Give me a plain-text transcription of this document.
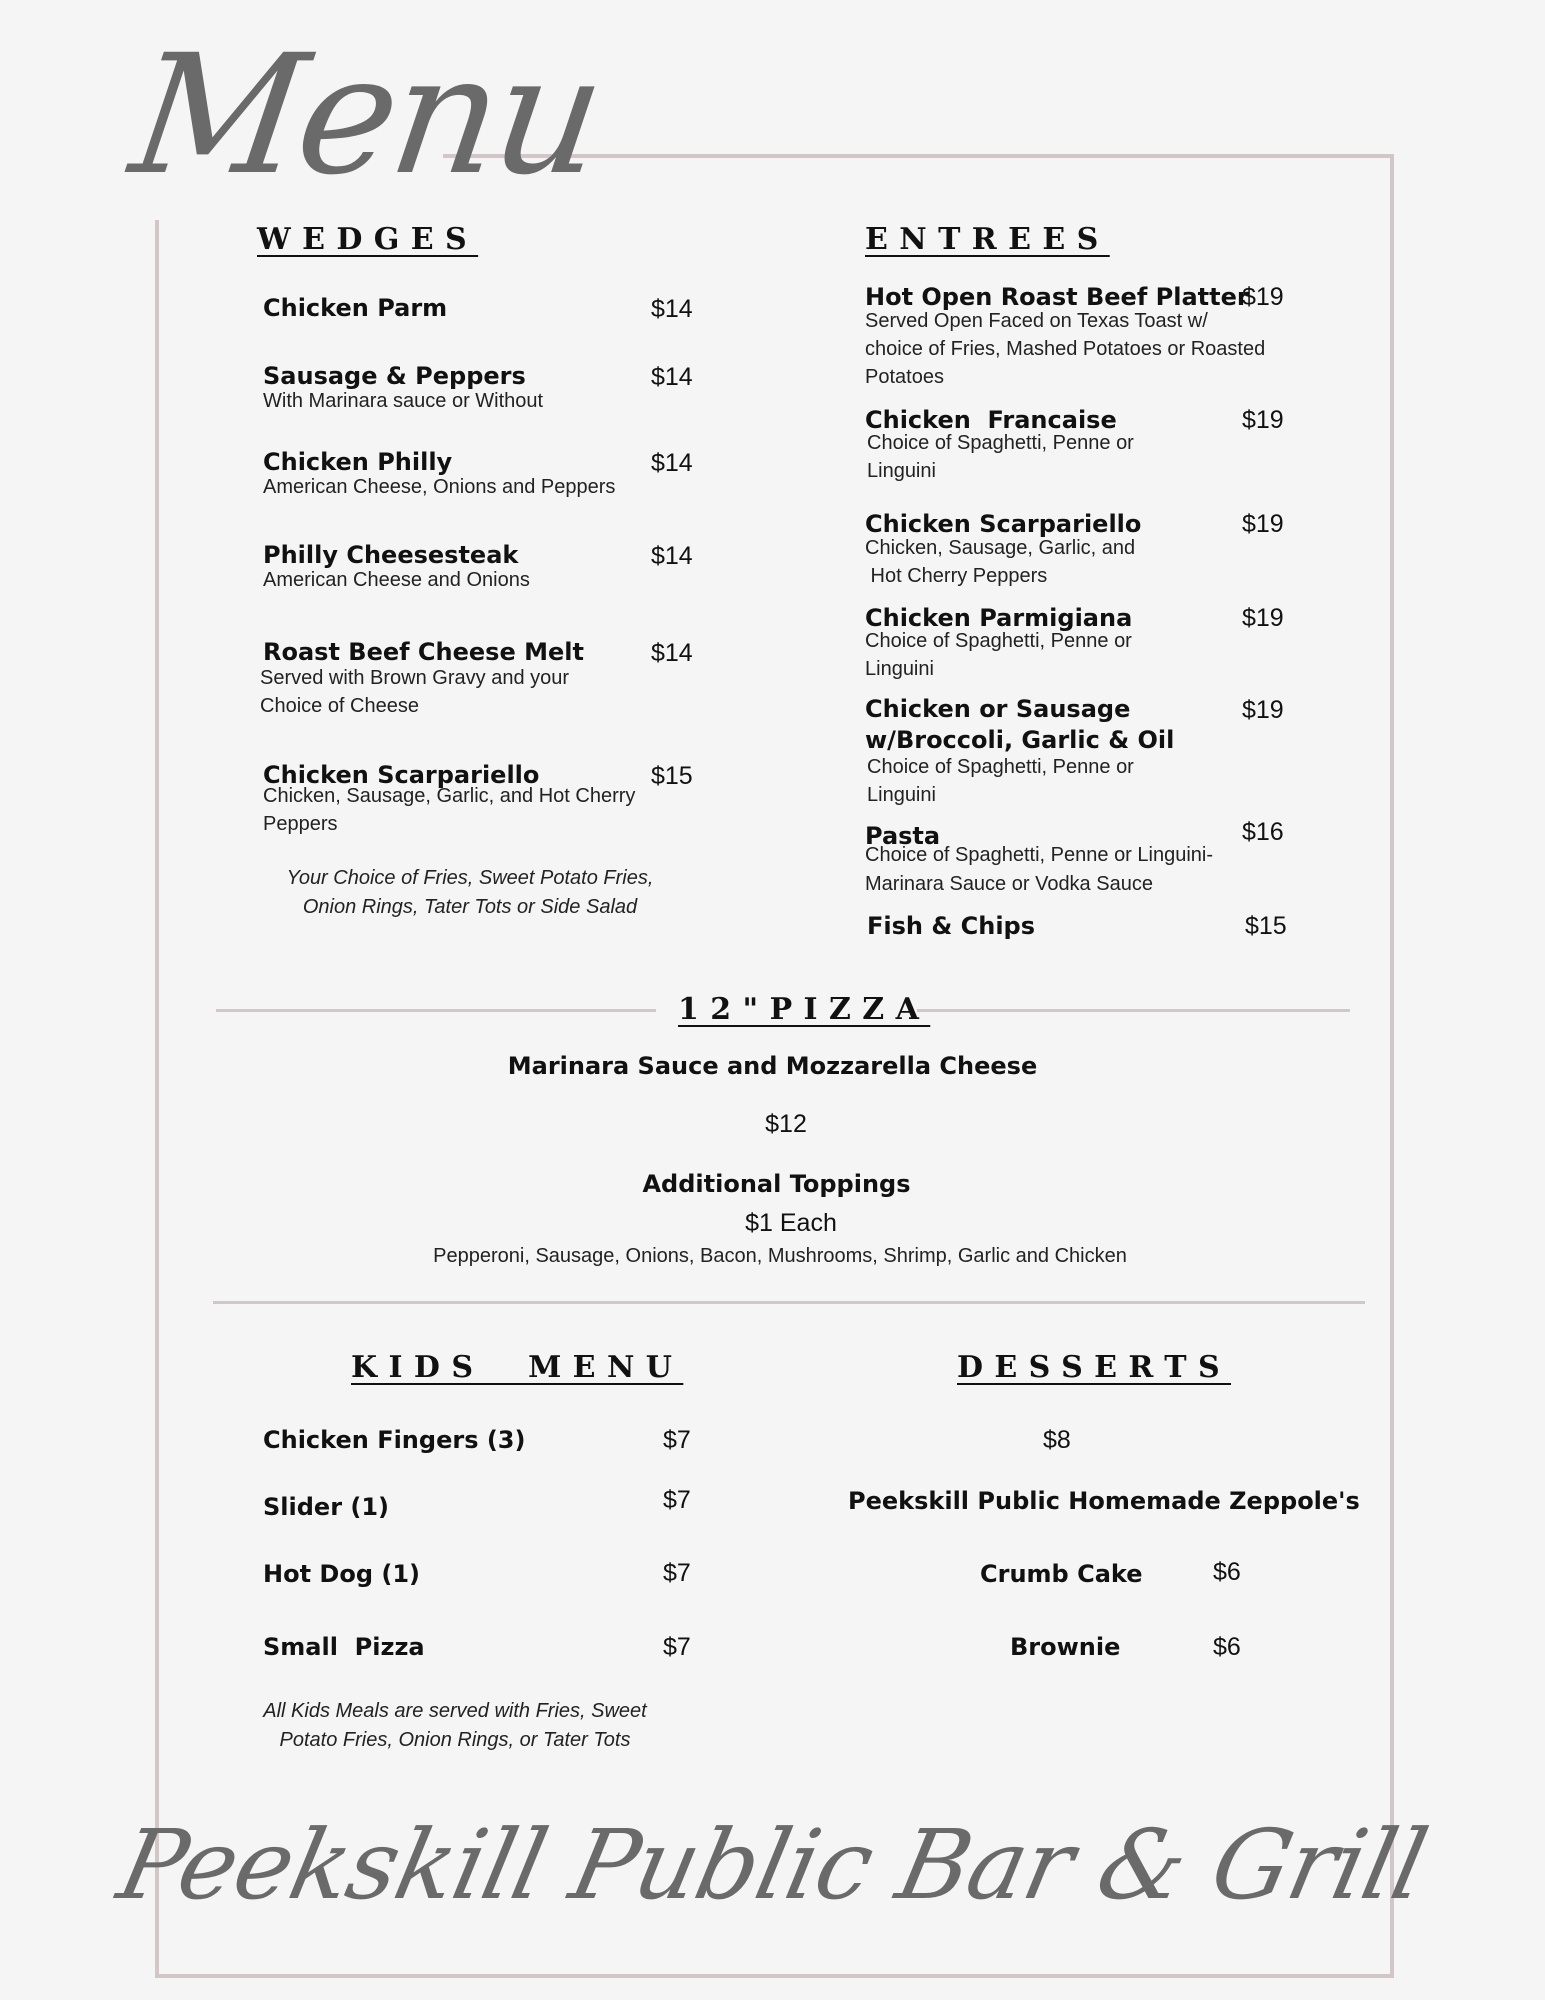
Menu
WEDGES
Chicken Parm	$14
Sausage & Peppers	$14
With Marinara sauce or Without
Chicken Philly	$14
American Cheese, Onions and Peppers
Philly Cheesesteak	$14
American Cheese and Onions
Roast Beef Cheese Melt	$14
Served with Brown Gravy and your
Choice of Cheese
Chicken Scarpariello	$15
Chicken, Sausage, Garlic, and Hot Cherry
Peppers
Your Choice of Fries, Sweet Potato Fries,
Onion Rings, Tater Tots or Side Salad
ENTREES
Hot Open Roast Beef Platter
$19
Served Open Faced on Texas Toast w/
choice of Fries, Mashed Potatoes or Roasted
Potatoes
Chicken  Francaise	$19
Choice of Spaghetti, Penne or
Linguini
Chicken Scarpariello	$19
Chicken, Sausage, Garlic, and
Hot Cherry Peppers
Chicken Parmigiana	$19
Choice of Spaghetti, Penne or
Linguini
Chicken or Sausage
w/Broccoli, Garlic & Oil
$19
Choice of Spaghetti, Penne or
Linguini
Pasta	$16
Choice of Spaghetti, Penne or Linguini-
Marinara Sauce or Vodka Sauce
Fish & Chips	$15
12"PIZZA
Marinara Sauce and Mozzarella Cheese
$12
Additional Toppings
$1 Each
Pepperoni, Sausage, Onions, Bacon, Mushrooms, Shrimp, Garlic and Chicken
KIDS  MENU
Chicken Fingers (3)	$7
Slider (1)	$7
Hot Dog (1)	$7
Small  Pizza	$7
All Kids Meals are served with Fries, Sweet
Potato Fries, Onion Rings, or Tater Tots
DESSERTS
$8
Peekskill Public Homemade Zeppole's
Crumb Cake	$6
Brownie	$6
Peekskill Public Bar & Grill
